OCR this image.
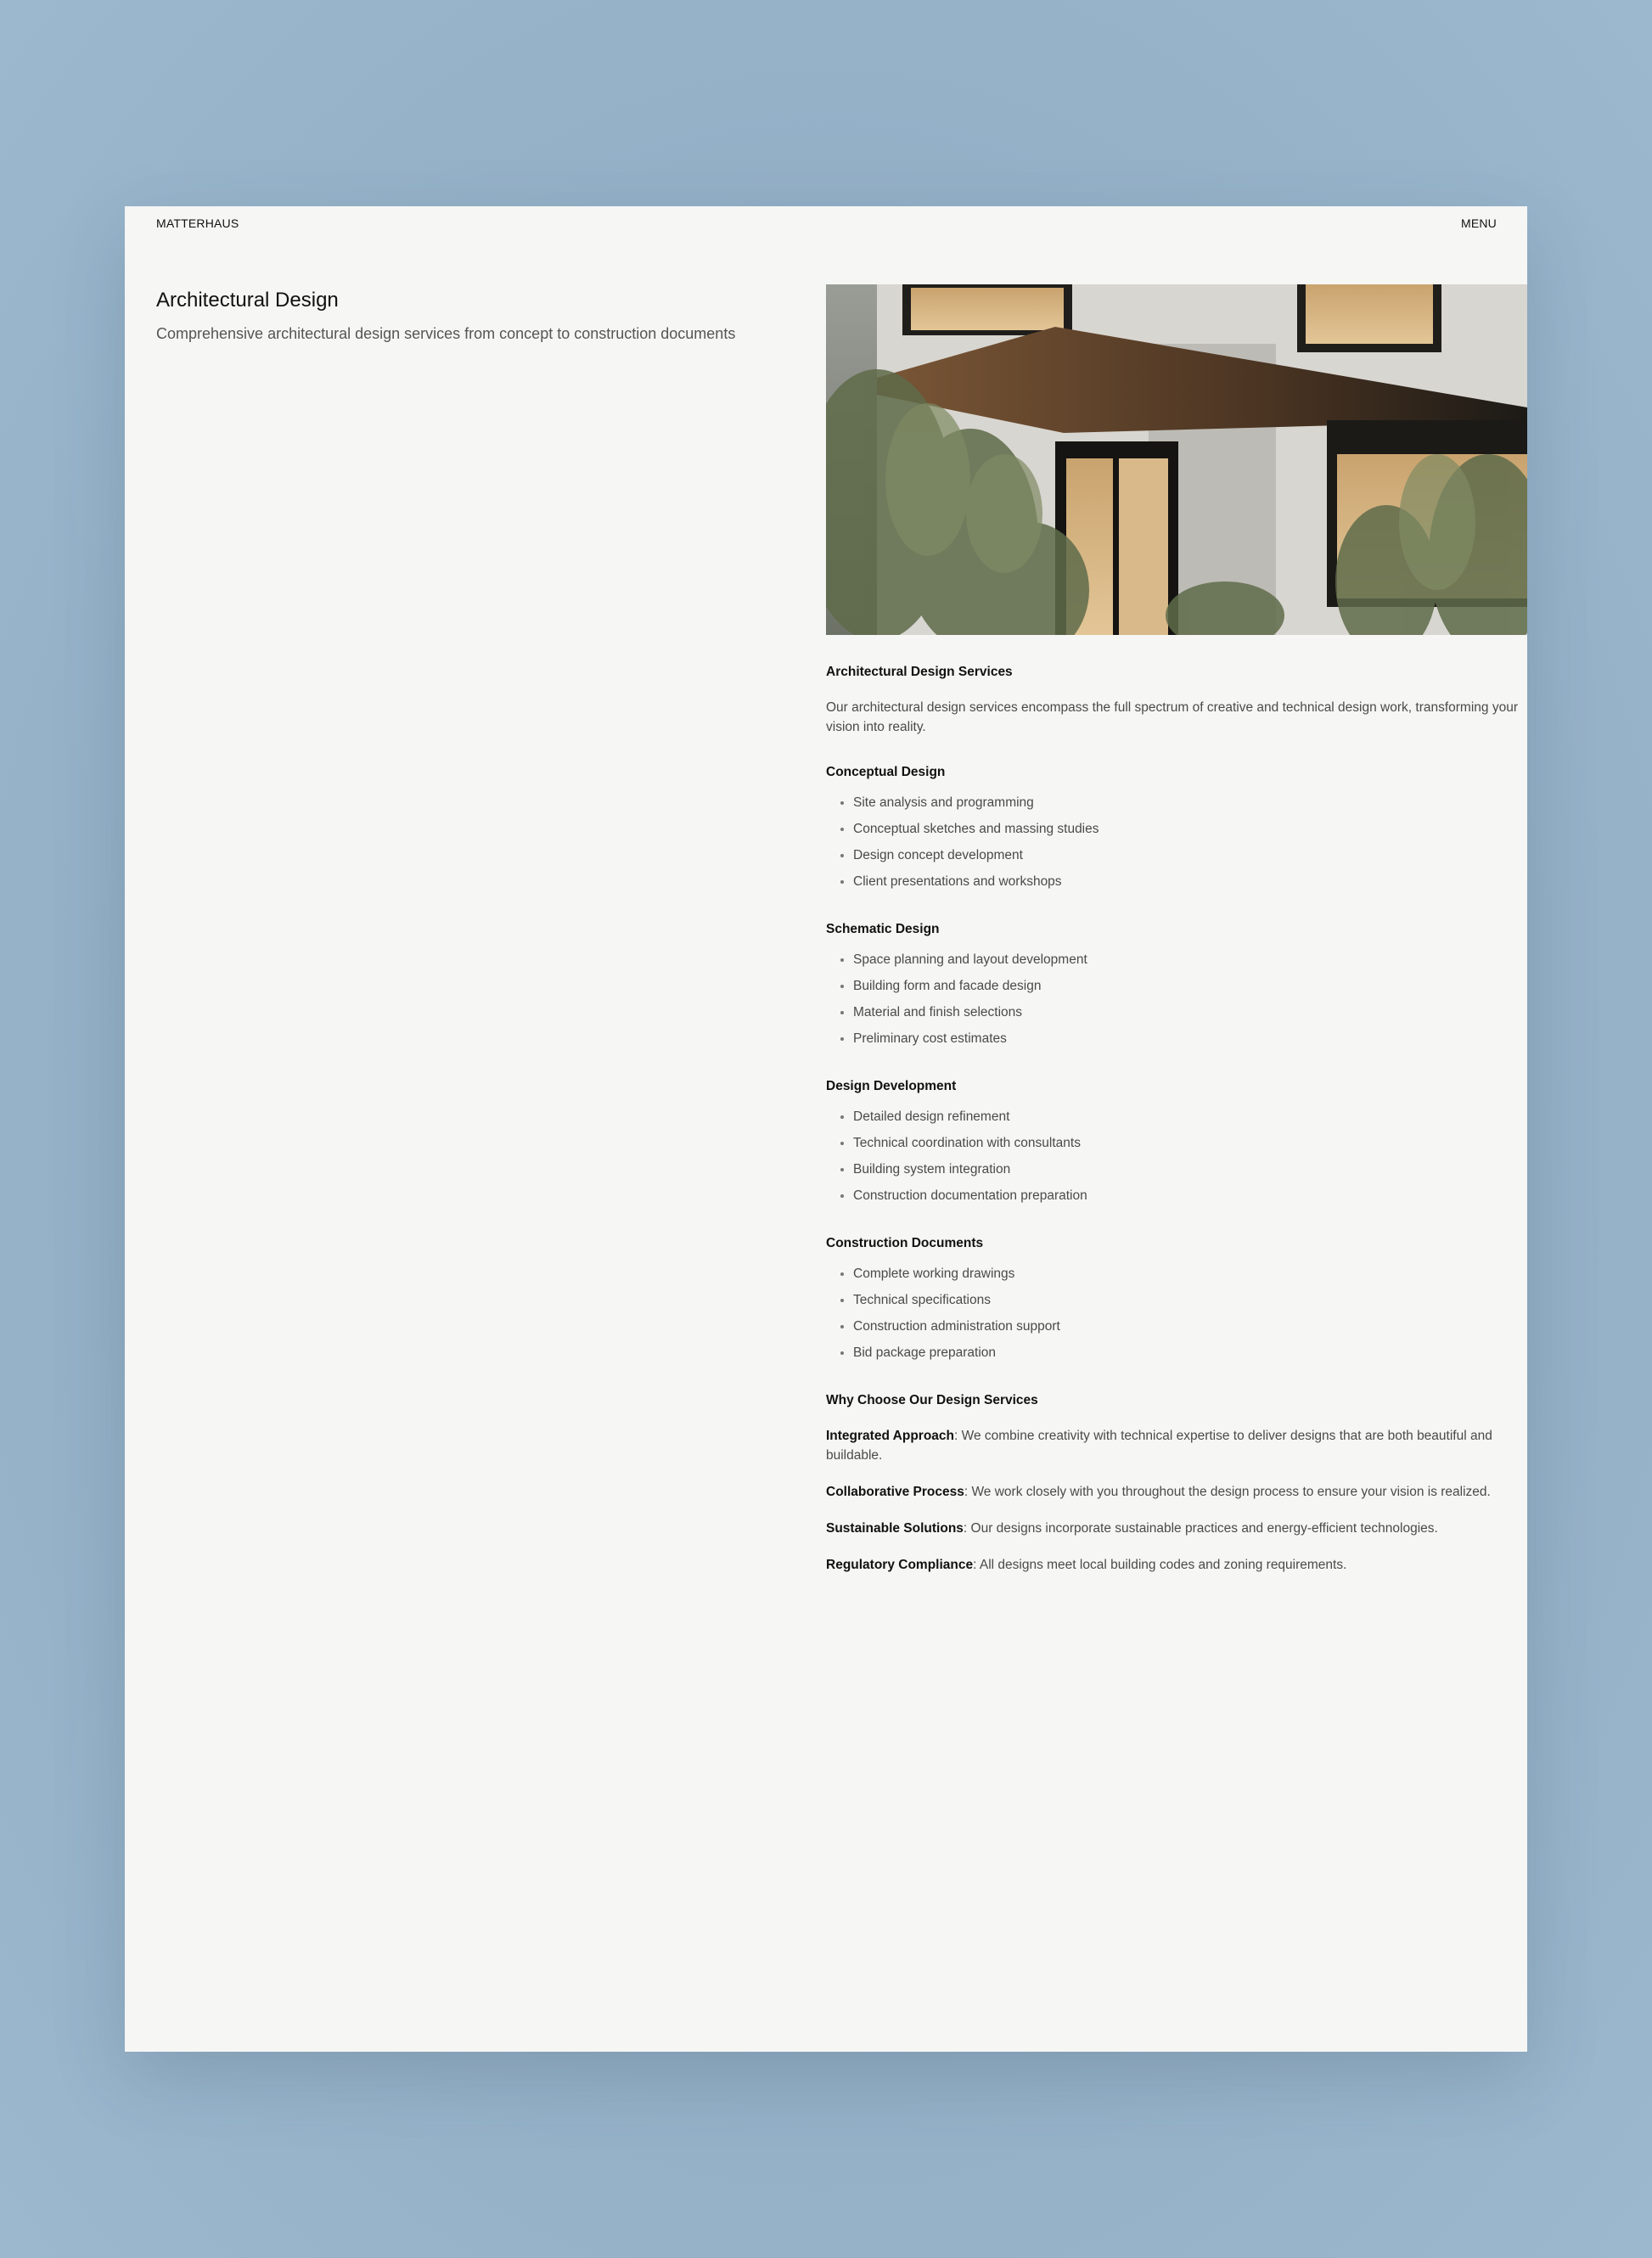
MATTERHAUS	MENU
Architectural Design

Comprehensive architectural design services from concept to construction documents

Architectural Design Services

Our architectural design services encompass the full spectrum of creative and technical design work, transforming your vision into reality.

Conceptual Design
• Site analysis and programming
• Conceptual sketches and massing studies
• Design concept development
• Client presentations and workshops
Schematic Design
• Space planning and layout development
• Building form and facade design
• Material and finish selections
• Preliminary cost estimates
Design Development
• Detailed design refinement
• Technical coordination with consultants
• Building system integration
• Construction documentation preparation
Construction Documents
• Complete working drawings
• Technical specifications
• Construction administration support
• Bid package preparation
Why Choose Our Design Services

Integrated Approach: We combine creativity with technical expertise to deliver designs that are both beautiful and buildable.

Collaborative Process: We work closely with you throughout the design process to ensure your vision is realized.

Sustainable Solutions: Our designs incorporate sustainable practices and energy-efficient technologies.

Regulatory Compliance: All designs meet local building codes and zoning requirements.
